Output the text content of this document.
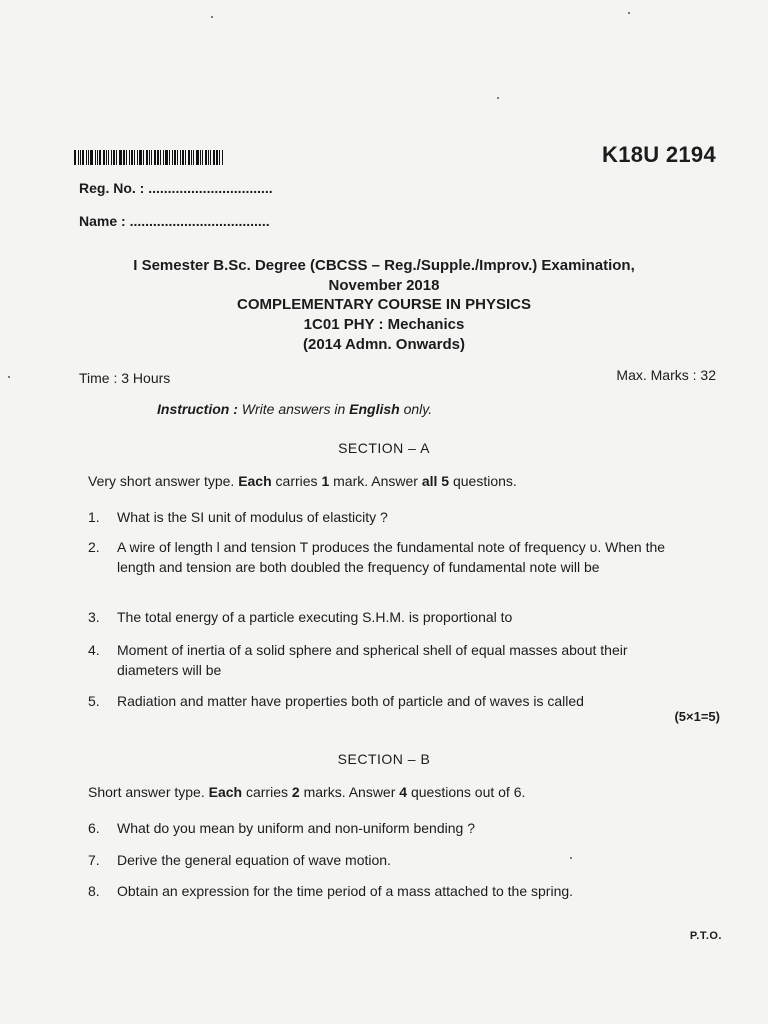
K18U 2194
Reg. No. : ................................
Name : ....................................
I Semester B.Sc. Degree (CBCSS – Reg./Supple./Improv.) Examination,
November 2018
COMPLEMENTARY COURSE IN PHYSICS
1C01 PHY : Mechanics
(2014 Admn. Onwards)
Time : 3 Hours	Max. Marks : 32
Instruction : Write answers in English only.
SECTION – A
Very short answer type. Each carries 1 mark. Answer all 5 questions.
1.	What is the SI unit of modulus of elasticity ?
2.	A wire of length l and tension T produces the fundamental note of frequency υ. When the length and tension are both doubled the frequency of fundamental note will be
3.	The total energy of a particle executing S.H.M. is proportional to
4.	Moment of inertia of a solid sphere and spherical shell of equal masses about their diameters will be
5.	Radiation and matter have properties both of particle and of waves is called
(5×1=5)
SECTION – B
Short answer type. Each carries 2 marks. Answer 4 questions out of 6.
6.	What do you mean by uniform and non-uniform bending ?
7.	Derive the general equation of wave motion.
8.	Obtain an expression for the time period of a mass attached to the spring.
P.T.O.
